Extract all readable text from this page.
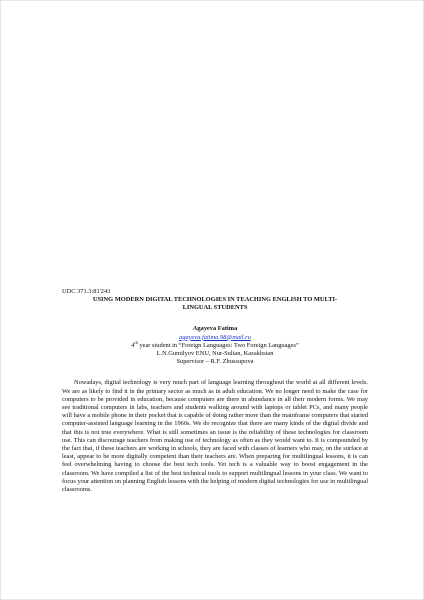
UDC 371.3:81'243

USING MODERN DIGITAL TECHNOLOGIES IN TEACHING ENGLISH TO MULTI-
LINGUAL STUDENTS

Agayeva Fatima

agayeva.fatima.98@mail.ru

4th year student in “Foreign Languages: Two Foreign Languages”

L.N.Gumilyov ENU, Nur-Sultan, Kazakhstan

Supervisor – R.F. Zhussupova

Nowadays, digital technology is very much part of language learning throughout the world at all different levels. We are as likely to find it in the primary sector as much as in adult education. We no longer need to make the case for computers to be provided in education, because computers are there in abundance in all their modern forms. We may see traditional computers in labs, teachers and students walking around with laptops or tablet PCs, and many people will have a mobile phone in their pocket that is capable of doing rather more than the mainframe computers that started computer-assisted language learning in the 1960s. We do recognize that there are many kinds of the digital divide and that this is not true everywhere. What is still sometimes an issue is the reliability of these technologies for classroom use. This can discourage teachers from making use of technology as often as they would want to. It is compounded by the fact that, if these teachers are working in schools, they are faced with classes of learners who may, on the surface at least, appear to be more digitally competent than their teachers are. When preparing for multilingual lessons, it is can feel overwhelming having to choose the best tech tools. Yet tech is a valuable way to boost engagement in the classroom. We have compiled a list of the best technical tools to support multilingual lessons in your class. We want to focus your attention on planning English lessons with the helping of modern digital technologies for use in multilingual classrooms.
